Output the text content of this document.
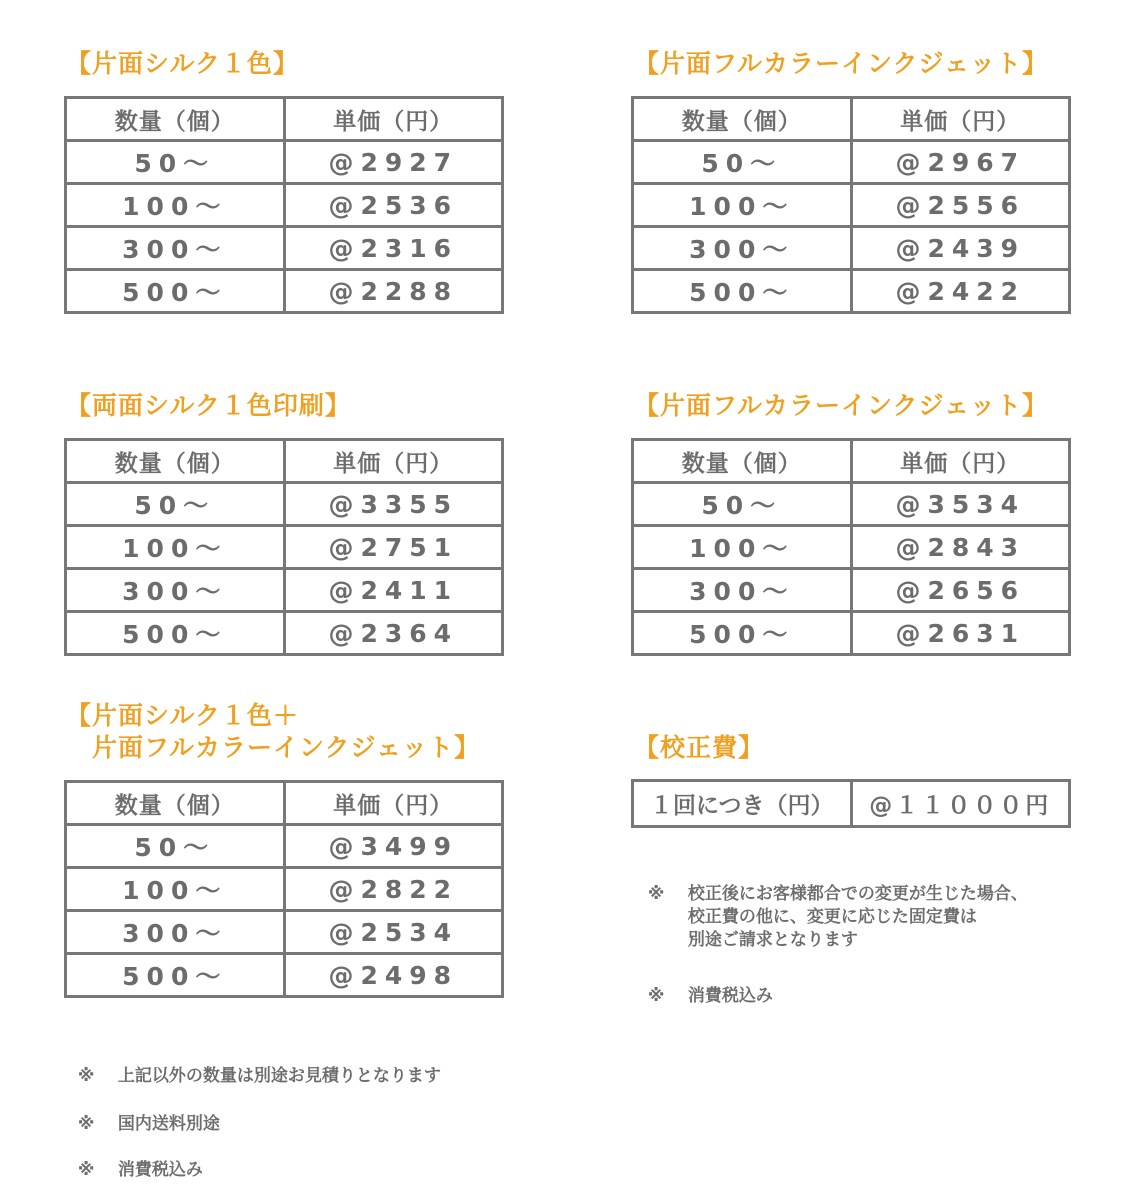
【片面シルク１色】
数量（個）	単価（円）
50〜	@2927
100〜	@2536
300〜	@2316
500〜	@2288
【片面フルカラーインクジェット】
数量（個）	単価（円）
50〜	@2967
100〜	@2556
300〜	@2439
500〜	@2422
【両面シルク１色印刷】
数量（個）	単価（円）
50〜	@3355
100〜	@2751
300〜	@2411
500〜	@2364
【片面フルカラーインクジェット】
数量（個）	単価（円）
50〜	@3534
100〜	@2843
300〜	@2656
500〜	@2631
【片面シルク１色＋
　片面フルカラーインクジェット】
数量（個）	単価（円）
50〜	@3499
100〜	@2822
300〜	@2534
500〜	@2498
【校正費】
１回につき（円）	@１１０００円

※ 校正後にお客様都合での変更が生じた場合、
校正費の他に、変更に応じた固定費は
別途ご請求となります

※ 消費税込み

※ 上記以外の数量は別途お見積りとなります

※ 国内送料別途

※ 消費税込み
